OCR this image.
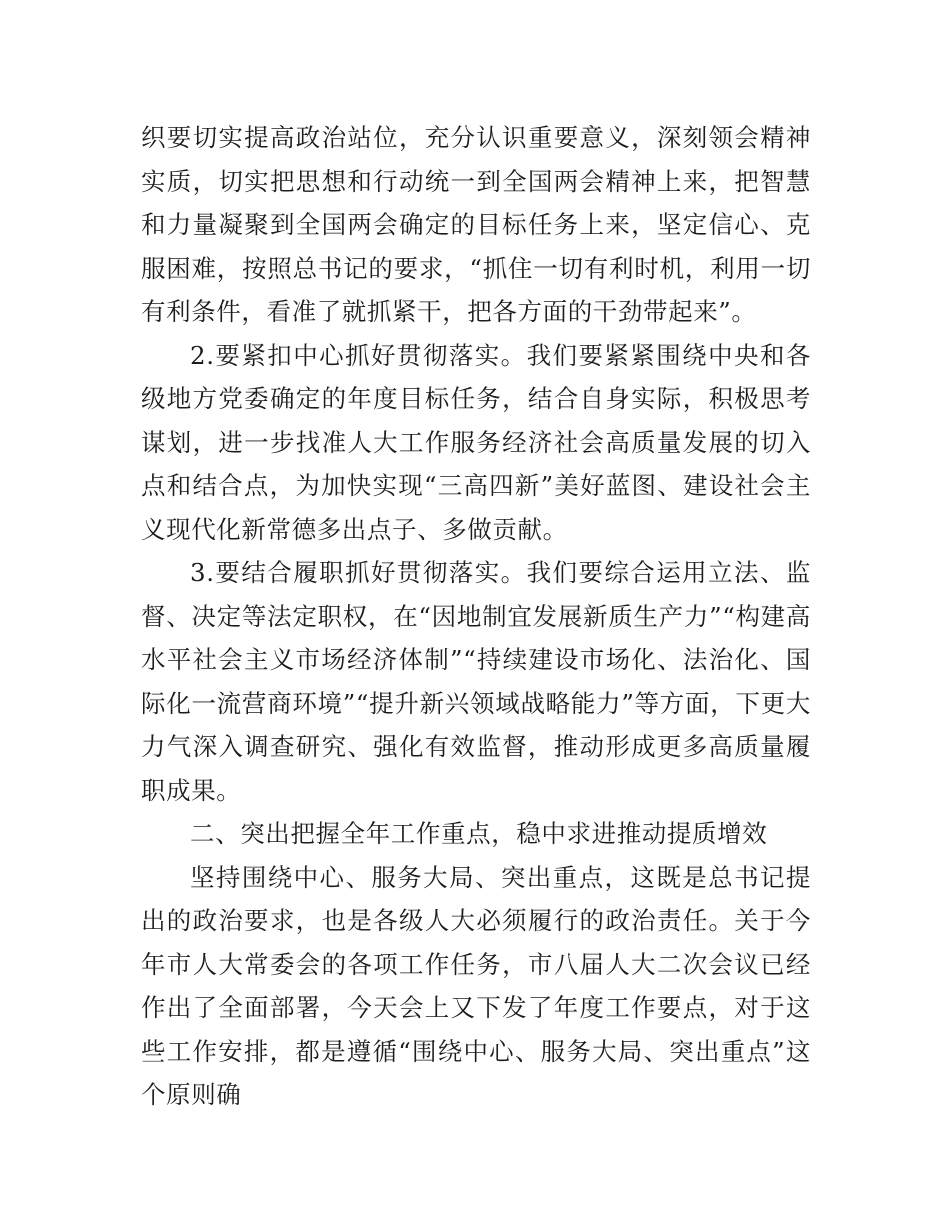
织要切实提高政治站位，充分认识重要意义，深刻领会精神实质，切实把思想和行动统一到全国两会精神上来，把智慧和力量凝聚到全国两会确定的目标任务上来，坚定信心、克服困难，按照总书记的要求，“抓住一切有利时机，利用一切有利条件，看准了就抓紧干，把各方面的干劲带起来”。

2.要紧扣中心抓好贯彻落实。我们要紧紧围绕中央和各级地方党委确定的年度目标任务，结合自身实际，积极思考谋划，进一步找准人大工作服务经济社会高质量发展的切入点和结合点，为加快实现“三高四新”美好蓝图、建设社会主义现代化新常德多出点子、多做贡献。

3.要结合履职抓好贯彻落实。我们要综合运用立法、监督、决定等法定职权，在“因地制宜发展新质生产力”“构建高水平社会主义市场经济体制”“持续建设市场化、法治化、国际化一流营商环境”“提升新兴领域战略能力”等方面，下更大力气深入调查研究、强化有效监督，推动形成更多高质量履职成果。

二、突出把握全年工作重点，稳中求进推动提质增效

坚持围绕中心、服务大局、突出重点，这既是总书记提出的政治要求，也是各级人大必须履行的政治责任。关于今年市人大常委会的各项工作任务，市八届人大二次会议已经作出了全面部署，今天会上又下发了年度工作要点，对于这些工作安排，都是遵循“围绕中心、服务大局、突出重点”这个原则确
